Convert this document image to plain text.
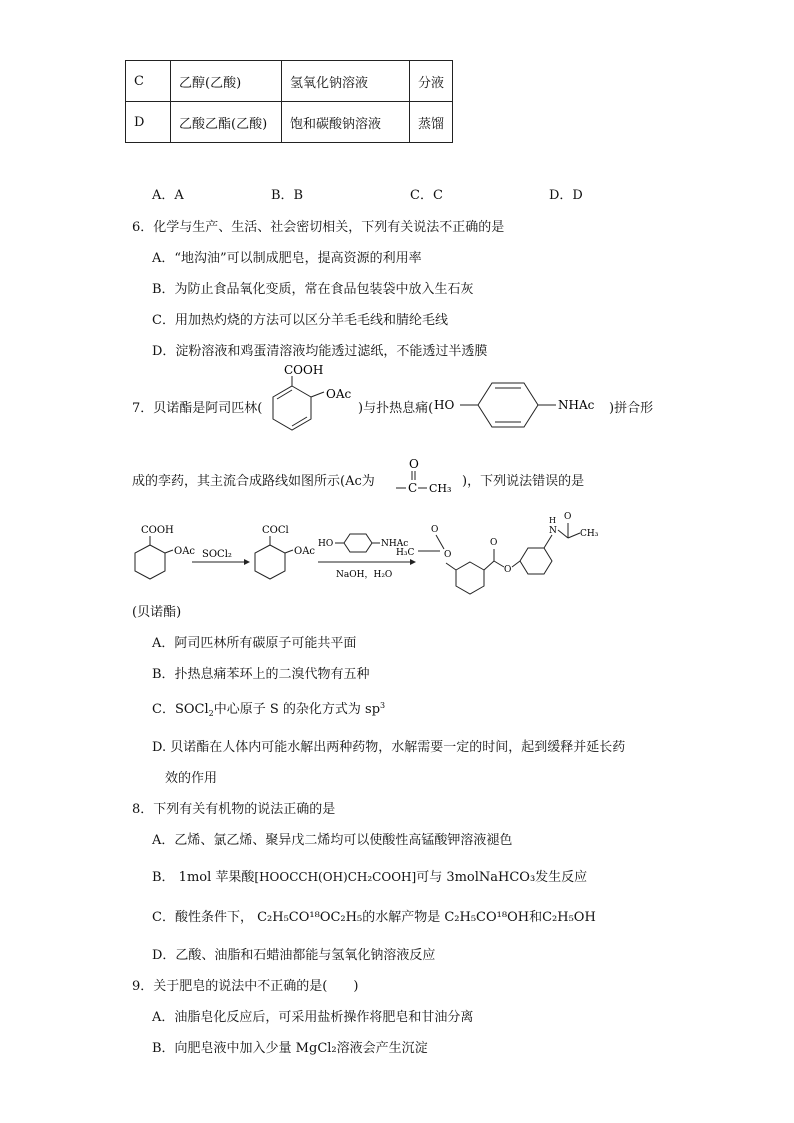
C	乙醇(乙酸)	氢氧化钠溶液	分液
D	乙酸乙酯(乙酸)	饱和碳酸钠溶液	蒸馏
A．A	B．B	C．C	D．D
6．化学与生产、生活、社会密切相关，下列有关说法不正确的是
A．“地沟油”可以制成肥皂，提高资源的利用率
B．为防止食品氧化变质，常在食品包装袋中放入生石灰
C．用加热灼烧的方法可以区分羊毛毛线和腈纶毛线
D．淀粉溶液和鸡蛋清溶液均能透过滤纸，不能透过半透膜
7．贝诺酯是阿司匹林(
COOH
OAc
)与扑热息痛( HO	NHAc )拼合形
成的孪药，其主流合成路线如图所示(Ac为
O
C CH₃ )，下列说法错误的是
COOH
OAc SOCl₂
COCl
OAc
HO	NHAc
NaOH，H₂O
O
O
H₃C
O
O
N
H O
CH₃
(贝诺酯)
A．阿司匹林所有碳原子可能共平面
B．扑热息痛苯环上的二溴代物有五种
C．SOCl$_2$中心原子 S 的杂化方式为 $sp^3$
D. 贝诺酯在人体内可能水解出两种药物，水解需要一定的时间，起到缓释并延长药
效的作用
8．下列有关有机物的说法正确的是
A．乙烯、氯乙烯、聚异戊二烯均可以使酸性高锰酸钾溶液褪色
B． 1mol 苹果酸[HOOCCH(OH)CH₂COOH]可与 3molNaHCO₃发生反应
C．酸性条件下， C₂H₅CO¹⁸OC₂H₅的水解产物是 C₂H₅CO¹⁸OH和C₂H₅OH
D．乙酸、油脂和石蜡油都能与氢氧化钠溶液反应
9．关于肥皂的说法中不正确的是(　　)
A．油脂皂化反应后，可采用盐析操作将肥皂和甘油分离
B．向肥皂液中加入少量 MgCl₂溶液会产生沉淀
